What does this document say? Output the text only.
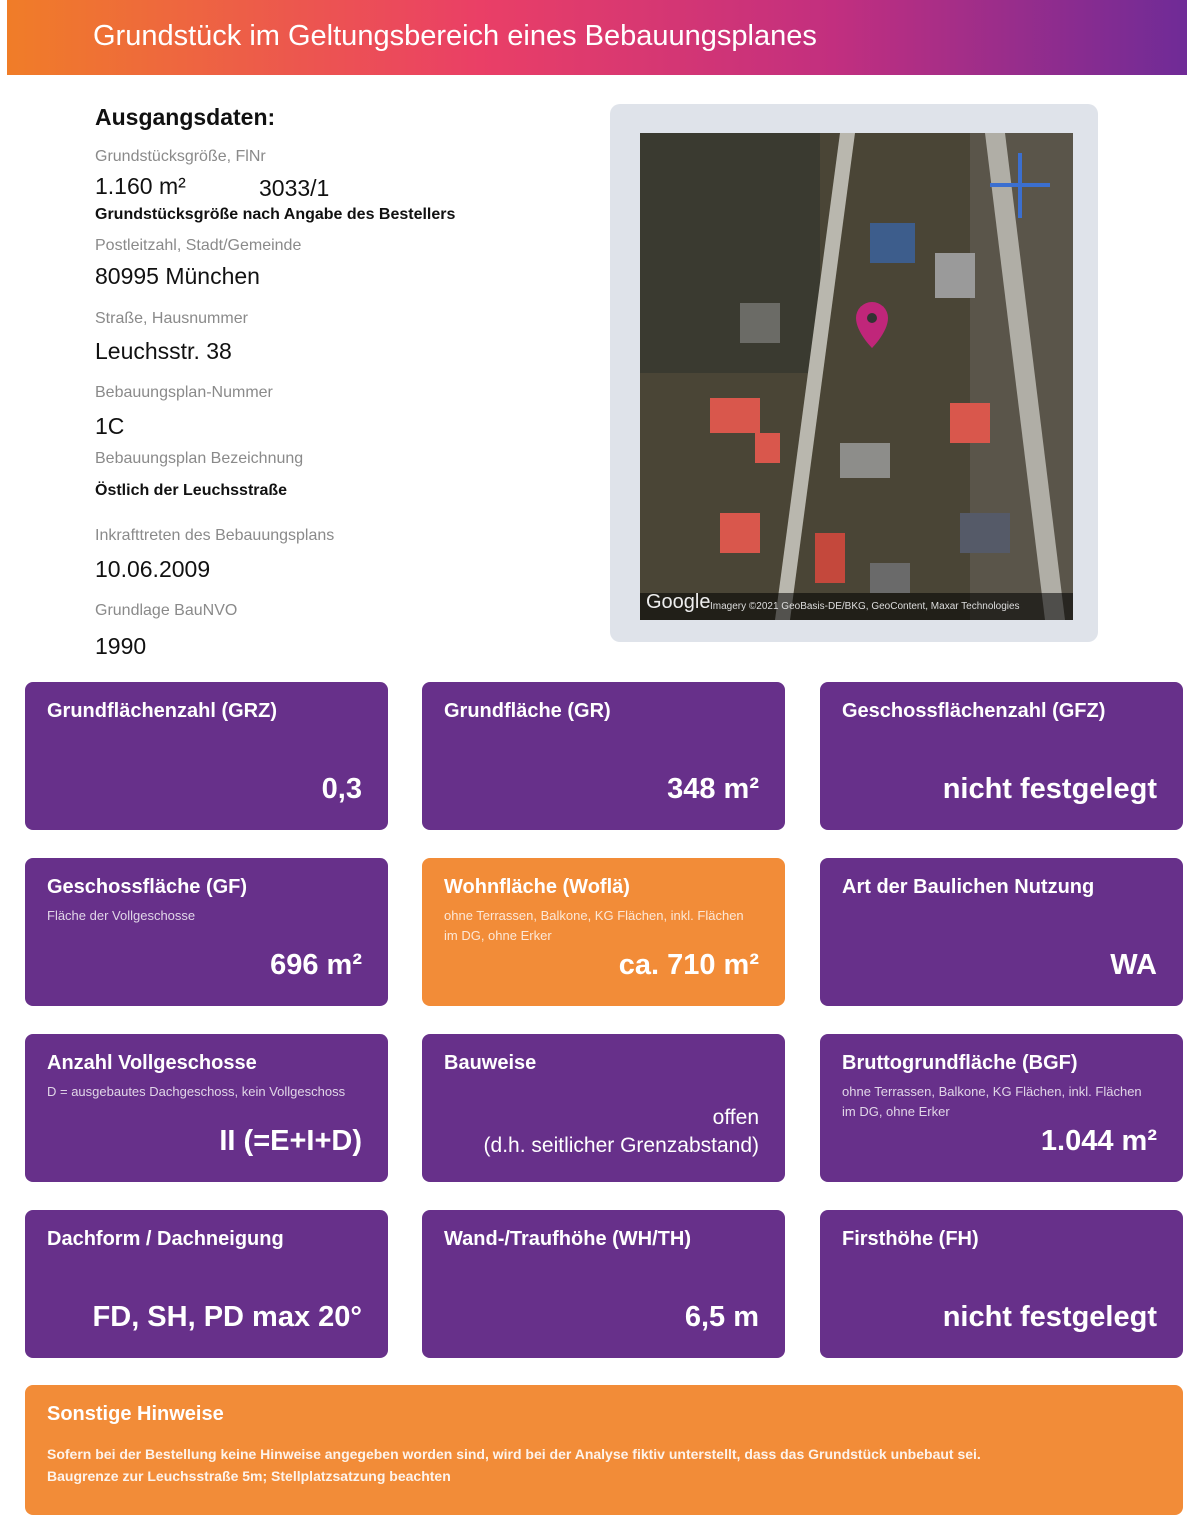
Grundstück im Geltungsbereich eines Bebauungsplanes
Ausgangsdaten:
Grundstücksgröße, FlNr
1.160 m²	3033/1
Grundstücksgröße nach Angabe des Bestellers
Postleitzahl, Stadt/Gemeinde
80995 München
Straße, Hausnummer
Leuchsstr. 38
Bebauungsplan-Nummer
1C
Bebauungsplan Bezeichnung
Östlich der Leuchsstraße
Inkrafttreten des Bebauungsplans
10.06.2009
Grundlage BauNVO
1990
Google Imagery ©2021 GeoBasis-DE/BKG, GeoContent, Maxar Technologies
Grundflächenzahl (GRZ)
0,3
Grundfläche (GR)
348 m²
Geschossflächenzahl (GFZ)
nicht festgelegt
Geschossfläche (GF)
Fläche der Vollgeschosse
696 m²
Wohnfläche (Woflä)
ohne Terrassen, Balkone, KG Flächen, inkl. Flächen im DG, ohne Erker
ca. 710 m²
Art der Baulichen Nutzung
WA
Anzahl Vollgeschosse
D = ausgebautes Dachgeschoss, kein Vollgeschoss
II (=E+I+D)
Bauweise
offen
(d.h. seitlicher Grenzabstand)
Bruttogrundfläche (BGF)
ohne Terrassen, Balkone, KG Flächen, inkl. Flächen im DG, ohne Erker
1.044 m²
Dachform / Dachneigung
FD, SH, PD max 20°
Wand-/Traufhöhe (WH/TH)
6,5 m
Firsthöhe (FH)
nicht festgelegt
Sonstige Hinweise
Sofern bei der Bestellung keine Hinweise angegeben worden sind, wird bei der Analyse fiktiv unterstellt, dass das Grundstück unbebaut sei.
Baugrenze zur Leuchsstraße 5m; Stellplatzsatzung beachten
